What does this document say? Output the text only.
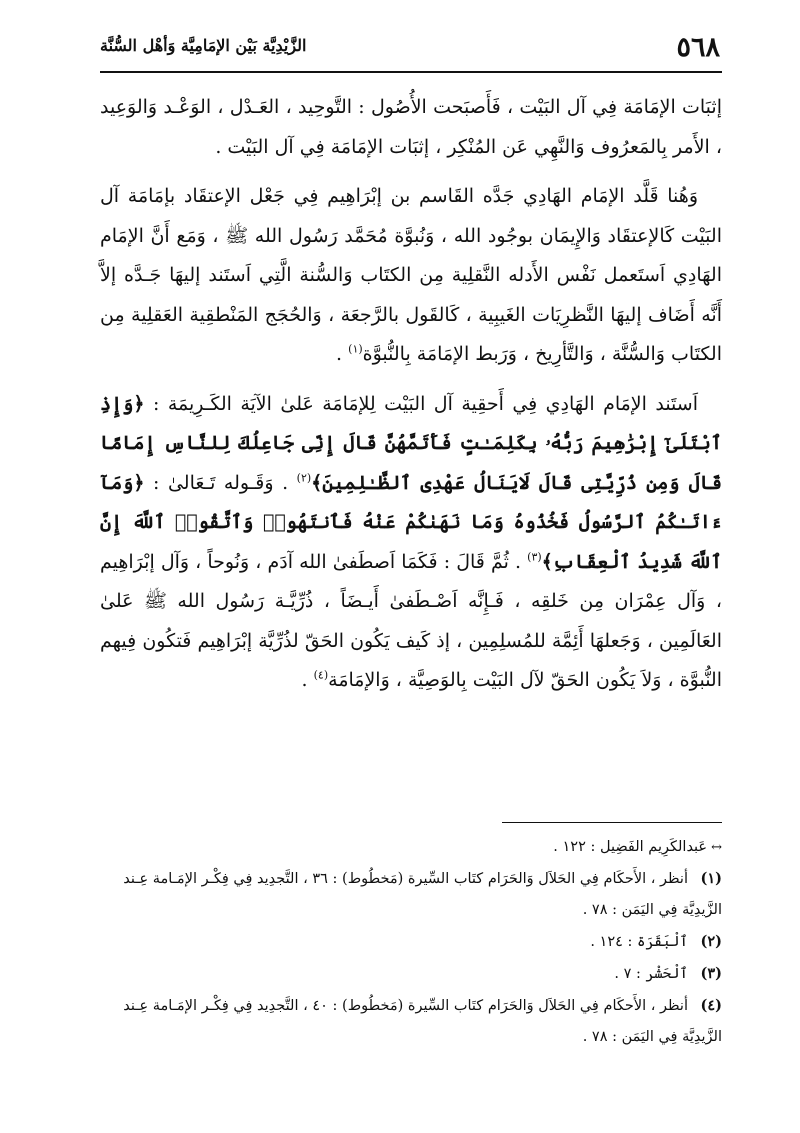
٥٦٨
الزَّيْدِيَّة بَيْن الإمَامِيَّة وَأهْل السُّنَّة

إثبَات الإمَامَة فِي آل البَيْت ، فَأَصبَحت الأُصُول : التَّوحِيد ، العَـدْل ، الوَعْـد وَالوَعِيد ، الأَمر بِالمَعرُوف وَالنَّهِي عَن المُنْكِر ، إثبَات الإمَامَة فِي آل البَيْت .

وَهُنا قَلَّد الإمَام الهَادِي جَدَّه القَاسم بن إبْرَاهِيم فِي جَعْل الإعتقَاد بإمَامَة آل البَيْت كَالإعتقَاد وَالإِيمَان بوجُود الله ، وَنُبوَّة مُحَمَّد رَسُول الله ﷺ ، وَمَع أَنَّ الإمَام الهَادِي اَستَعمل نَفْس الأَدله النَّقلِية مِن الكتَاب وَالسُّنة الَّتِي اَستَند إليهَا جَـدَّه إلاَّ أَنَّه أَضَاف إليهَا النَّظرِيَات الغَيبِية ، كَالقَول بالرَّجعَة ، وَالحُجَج المَنْطقِية العَقلِية مِن الكتَاب وَالسُّنَّة ، وَالتَّأرِيخ ، وَرَبط الإمَامَة بِالنُّبوَّة$^{(١)}$ .

اَستَند الإمَام الهَادِي فِي أَحقِية آل البَيْت لِلإمَامَة عَلىٰ الآيَة الكَـرِيمَة : ﴿وَإِذِ ٱبْتَلَىٰٓ إِبْرَٰهِيمَ رَبُّهُۥ بِكَلِمَـٰتٍ فَأَتَمَّهُنَّ قَالَ إِنِّى جَاعِلُكَ لِلنَّاسِ إِمَامًا قَالَ وَمِن ذُرِّيَّتِى قَالَ لَايَنَالُ عَهْدِى ٱلظَّـٰلِمِينَ﴾$^{(٢)}$ . وَقَـوله تَـعَالىٰ : ﴿وَمَآ ءَاتَـٰكُمُ ٱلرَّسُولُ فَخُذُوهُ وَمَا نَهَىٰكُمْ عَنْهُ فَٱنتَهُوا۟ وَٱتَّقُوا۟ ٱللَّهَ إِنَّ ٱللَّهَ شَدِيدُ ٱلْعِقَابِ﴾$^{(٣)}$ . ثُمَّ قَالَ : فَكَمَا اَصطَفىٰ الله آدَم ، وَنُوحاً ، وَآل إبْرَاهِيم ، وَآل عِمْرَان مِن خَلقِه ، فَـإِنَّه اَصْـطَفىٰ أَيـضَاً ، ذُرِّيَّـة رَسُول الله ﷺ عَلىٰ العَالَمِين ، وَجَعلهَا أَئِمَّة للمُسلِمِين ، إذ كَيف يَكُون الحَقّ لذُرِّيَّة إبْرَاهِيم فَتكُون فِيهم النُّبوَّة ، وَلاَ يَكُون الحَقّ لآل البَيْت بِالوَصِيَّة ، وَالإمَامَة$^{(٤)}$ .

↔عَبدالكَرِيم الفَضِيل : ١٢٢ .

(١)أنظر ، الأَحكَام فِي الحَلاَل وَالحَرَام كتَاب السِّيرة (مَخطُوط) : ٣٦ ، التَّجدِيد فِي فِكْـر الإمَـامة عِـند

الزَّيدِيَّة فِي اليَمَن : ٧٨ .

(٢)ٱلْبَقَرَة : ١٢٤ .

(٣)ٱلْحَشْر : ٧ .

(٤)أنظر ، الأَحكَام فِي الحَلاَل وَالحَرَام كتَاب السِّيرة (مَخطُوط) : ٤٠ ، التَّجدِيد فِي فِكْـر الإمَـامة عِـند

الزَّيدِيَّة فِي اليَمَن : ٧٨ .
